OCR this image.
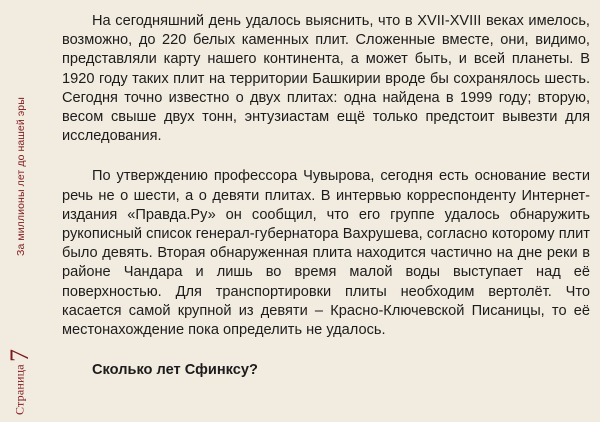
За миллионы лет до нашей эры
Страница
7

На сегодняшний день удалось выяснить, что в XVII-XVIII веках имелось, возможно, до 220 белых каменных плит. Сложенные вместе, они, видимо, представляли карту нашего континента, а может быть, и всей планеты. В 1920 году таких плит на территории Башкирии вроде бы сохранялось шесть. Сегодня точно известно о двух плитах: одна найдена в 1999 году; вторую, весом свыше двух тонн, энтузиастам ещё только предстоит вывезти для исследования.

По утверждению профессора Чувырова, сегодня есть основание вести речь не о шести, а о девяти плитах. В интервью корреспонденту Интернет-издания «Правда.Ру» он сообщил, что его группе удалось обнаружить рукописный список генерал-губернатора Вахрушева, согласно которому плит было девять. Вторая обнаруженная плита находится частично на дне реки в районе Чандара и лишь во время малой воды выступает над её поверхностью. Для транспортировки плиты необходим вертолёт. Что касается самой крупной из девяти – Красно-Ключевской Писаницы, то её местонахождение пока определить не удалось.

Сколько лет Сфинксу?
